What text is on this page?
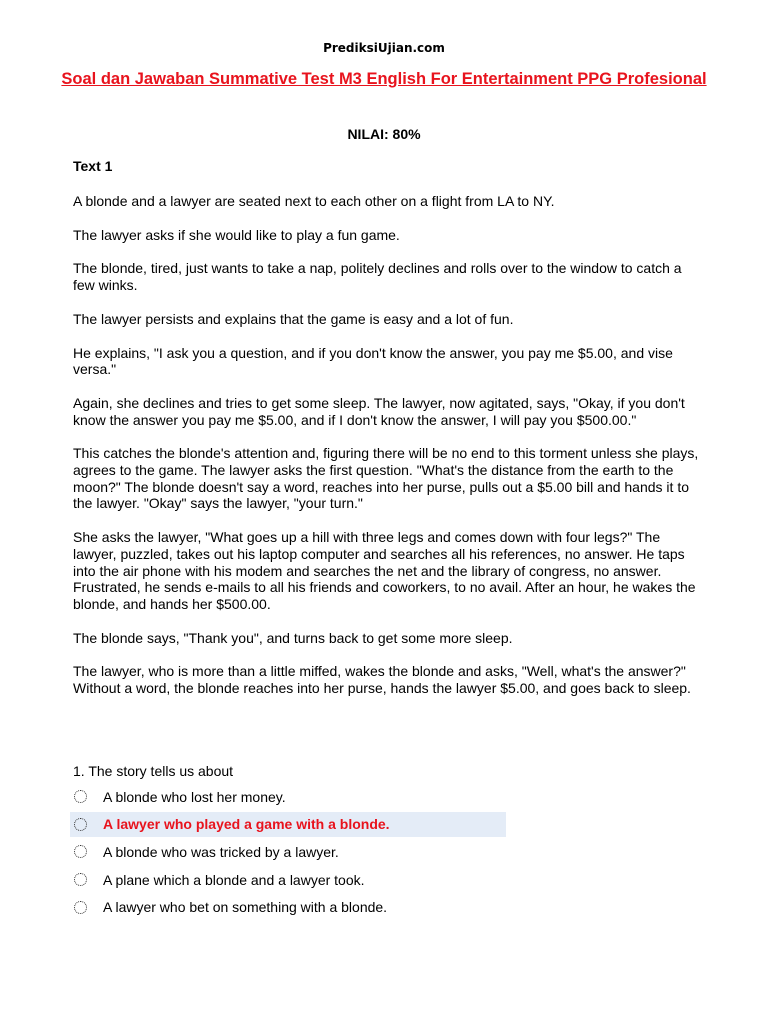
PrediksiUjian.com
Soal dan Jawaban Summative Test M3 English For Entertainment PPG Profesional
NILAI: 80%
Text 1

A blonde and a lawyer are seated next to each other on a flight from LA to NY.

The lawyer asks if she would like to play a fun game.

The blonde, tired, just wants to take a nap, politely declines and rolls over to the window to catch a few winks.

The lawyer persists and explains that the game is easy and a lot of fun.

He explains, "I ask you a question, and if you don't know the answer, you pay me $5.00, and vise versa."

Again, she declines and tries to get some sleep. The lawyer, now agitated, says, "Okay, if you don't know the answer you pay me $5.00, and if I don't know the answer, I will pay you $500.00."

This catches the blonde's attention and, figuring there will be no end to this torment unless she plays, agrees to the game. The lawyer asks the first question. "What's the distance from the earth to the moon?" The blonde doesn't say a word, reaches into her purse, pulls out a $5.00 bill and hands it to the lawyer. "Okay" says the lawyer, "your turn."

She asks the lawyer, "What goes up a hill with three legs and comes down with four legs?" The lawyer, puzzled, takes out his laptop computer and searches all his references, no answer. He taps into the air phone with his modem and searches the net and the library of congress, no answer. Frustrated, he sends e-mails to all his friends and coworkers, to no avail. After an hour, he wakes the blonde, and hands her $500.00.

The blonde says, "Thank you", and turns back to get some more sleep.

The lawyer, who is more than a little miffed, wakes the blonde and asks, "Well, what's the answer?" Without a word, the blonde reaches into her purse, hands the lawyer $5.00, and goes back to sleep.

1. The story tells us about
A blonde who lost her money.
A lawyer who played a game with a blonde.
A blonde who was tricked by a lawyer.
A plane which a blonde and a lawyer took.
A lawyer who bet on something with a blonde.
